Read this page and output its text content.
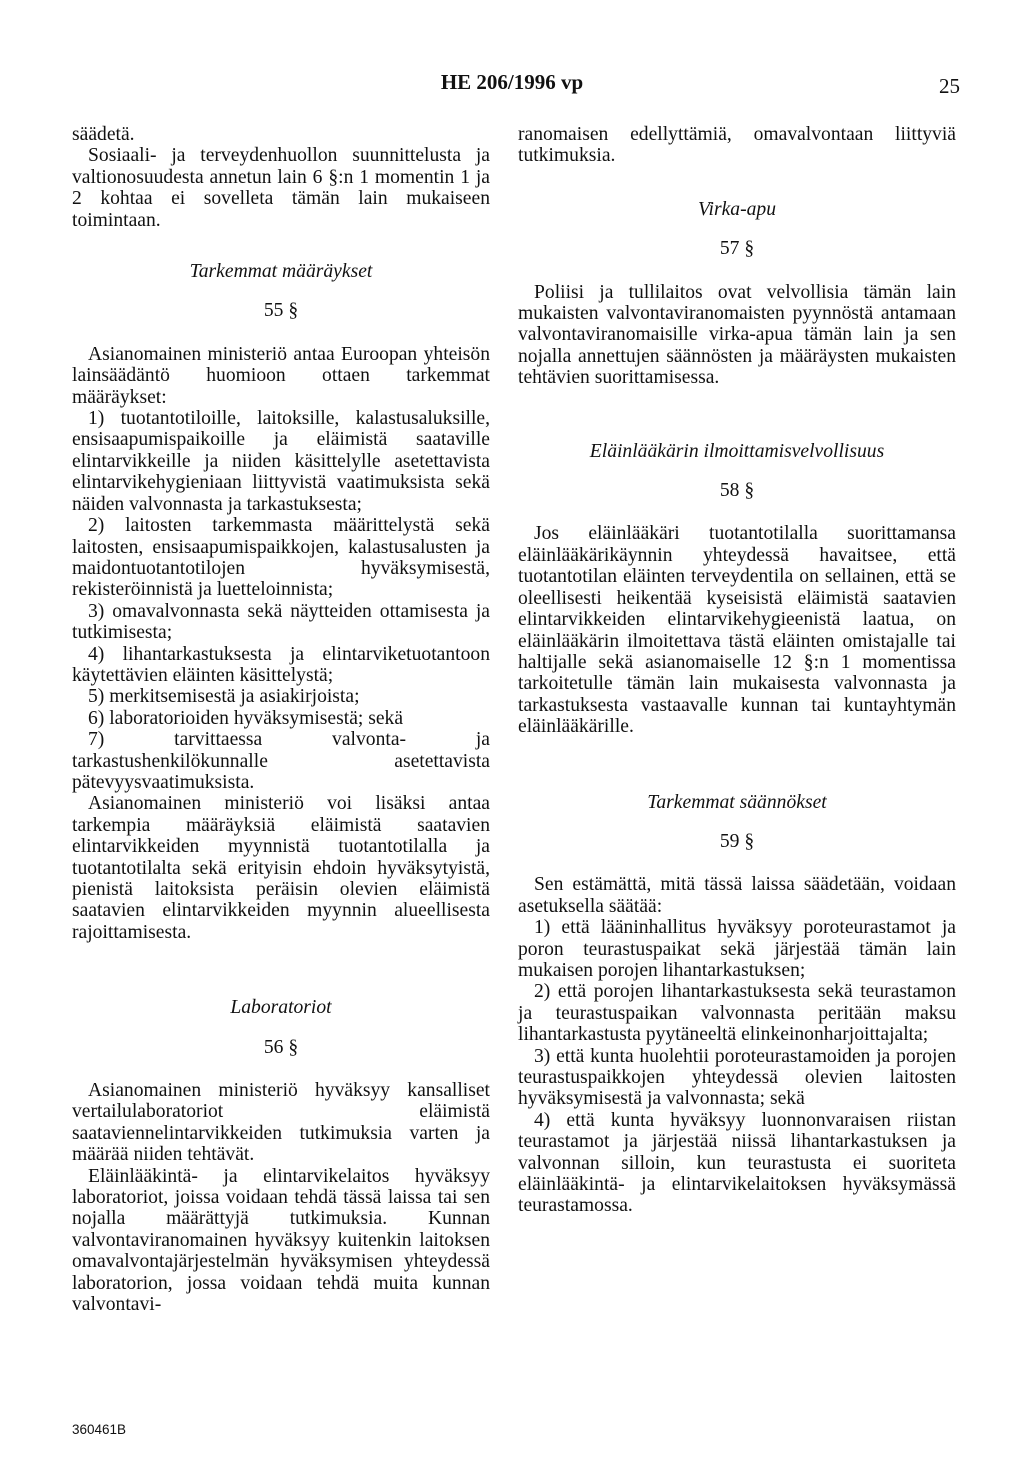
HE 206/1996 vp	25

säädetä.

Sosiaali- ja terveydenhuollon suunnittelusta ja valtionosuudesta annetun lain 6 §:n 1 momentin 1 ja 2 kohtaa ei sovelleta tämän lain mukaiseen toimintaan.

Tarkemmat määräykset
55 §

Asianomainen ministeriö antaa Euroopan yhteisön lainsäädäntö huomioon ottaen tarkemmat määräykset:

1) tuotantotiloille, laitoksille, kalastusaluksille, ensisaapumispaikoille ja eläimistä saataville elintarvikkeille ja niiden käsittelylle asetettavista elintarvikehygieniaan liittyvistä vaatimuksista sekä näiden valvonnasta ja tarkastuksesta;

2) laitosten tarkemmasta määrittelystä sekä laitosten, ensisaapumispaikkojen, kalastusalusten ja maidontuotantotilojen hyväksymisestä, rekisteröinnistä ja luetteloinnista;

3) omavalvonnasta sekä näytteiden ottamisesta ja tutkimisesta;

4) lihantarkastuksesta ja elintarviketuotantoon käytettävien eläinten käsittelystä;

5) merkitsemisestä ja asiakirjoista;

6) laboratorioiden hyväksymisestä; sekä

7) tarvittaessa valvonta- ja tarkastushenkilökunnalle asetettavista pätevyysvaatimuksista.

Asianomainen ministeriö voi lisäksi antaa tarkempia määräyksiä eläimistä saatavien elintarvikkeiden myynnistä tuotantotilalla ja tuotantotilalta sekä erityisin ehdoin hyväksytyistä, pienistä laitoksista peräisin olevien eläimistä saatavien elintarvikkeiden myynnin alueellisesta rajoittamisesta.

Laboratoriot
56 §

Asianomainen ministeriö hyväksyy kansalliset vertailulaboratoriot eläimistä saataviennelintarvikkeiden tutkimuksia varten ja määrää niiden tehtävät.

Eläinlääkintä- ja elintarvikelaitos hyväksyy laboratoriot, joissa voidaan tehdä tässä laissa tai sen nojalla määrättyjä tutkimuksia. Kunnan valvontaviranomainen hyväksyy kuitenkin laitoksen omavalvontajärjestelmän hyväksymisen yhteydessä laboratorion, jossa voidaan tehdä muita kunnan valvontavi-

ranomaisen edellyttämiä, omavalvontaan liittyviä tutkimuksia.

Virka-apu
57 §

Poliisi ja tullilaitos ovat velvollisia tämän lain mukaisten valvontaviranomaisten pyynnöstä antamaan valvontaviranomaisille virka-apua tämän lain ja sen nojalla annettujen säännösten ja määräysten mukaisten tehtävien suorittamisessa.

Eläinlääkärin ilmoittamisvelvollisuus
58 §

Jos eläinlääkäri tuotantotilalla suorittamansa eläinlääkärikäynnin yhteydessä havaitsee, että tuotantotilan eläinten terveydentila on sellainen, että se oleellisesti heikentää kyseisistä eläimistä saatavien elintarvikkeiden elintarvikehygieenistä laatua, on eläinlääkärin ilmoitettava tästä eläinten omistajalle tai haltijalle sekä asianomaiselle 12 §:n 1 momentissa tarkoitetulle tämän lain mukaisesta valvonnasta ja tarkastuksesta vastaavalle kunnan tai kuntayhtymän eläinlääkärille.

Tarkemmat säännökset
59 §

Sen estämättä, mitä tässä laissa säädetään, voidaan asetuksella säätää:

1) että lääninhallitus hyväksyy poroteurastamot ja poron teurastuspaikat sekä järjestää tämän lain mukaisen porojen lihantarkastuksen;

2) että porojen lihantarkastuksesta sekä teurastamon ja teurastuspaikan valvonnasta peritään maksu lihantarkastusta pyytäneeltä elinkeinonharjoittajalta;

3) että kunta huolehtii poroteurastamoiden ja porojen teurastuspaikkojen yhteydessä olevien laitosten hyväksymisestä ja valvonnasta; sekä

4) että kunta hyväksyy luonnonvaraisen riistan teurastamot ja järjestää niissä lihantarkastuksen ja valvonnan silloin, kun teurastusta ei suoriteta eläinlääkintä- ja elintarvikelaitoksen hyväksymässä teurastamossa.

360461B
